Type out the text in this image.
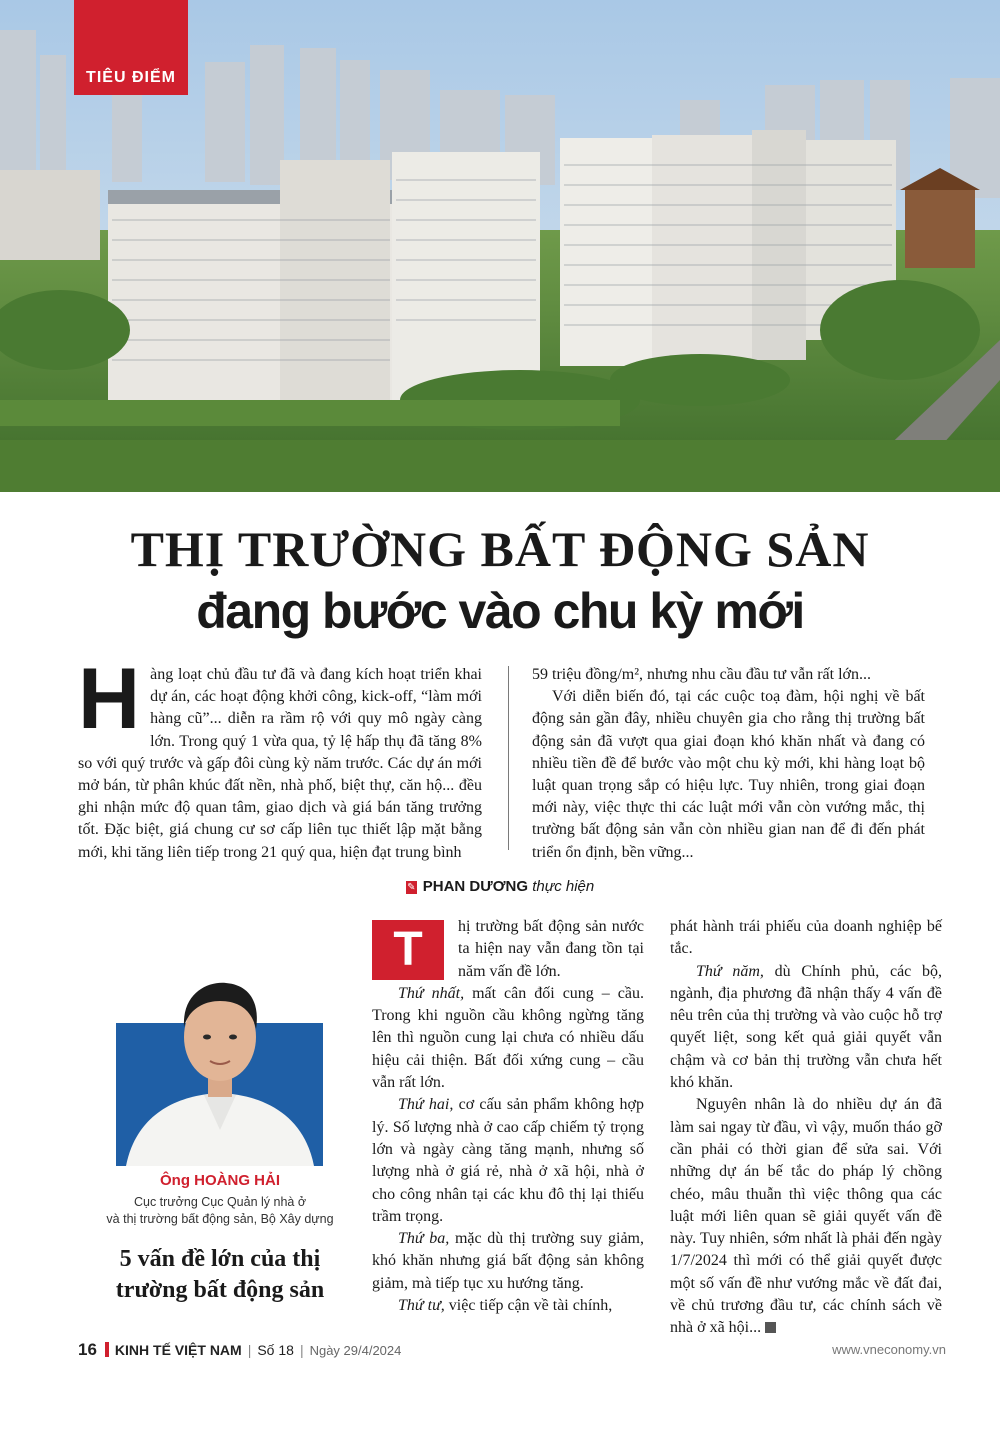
TIÊU ĐIỂM
THỊ TRƯỜNG BẤT ĐỘNG SẢN
đang bước vào chu kỳ mới
H àng loạt chủ đầu tư đã và đang kích hoạt triển khai dự án, các hoạt động khởi công, kick-off, “làm mới hàng cũ”... diễn ra rầm rộ với quy mô ngày càng lớn. Trong quý 1 vừa qua, tỷ lệ hấp thụ đã tăng 8% so với quý trước và gấp đôi cùng kỳ năm trước. Các dự án mới mở bán, từ phân khúc đất nền, nhà phố, biệt thự, căn hộ... đều ghi nhận mức độ quan tâm, giao dịch và giá bán tăng trưởng tốt. Đặc biệt, giá chung cư sơ cấp liên tục thiết lập mặt bằng mới, khi tăng liên tiếp trong 21 quý qua, hiện đạt trung bình

59 triệu đồng/m², nhưng nhu cầu đầu tư vẫn rất lớn...

Với diễn biến đó, tại các cuộc toạ đàm, hội nghị về bất động sản gần đây, nhiều chuyên gia cho rằng thị trường bất động sản đã vượt qua giai đoạn khó khăn nhất và đang có nhiều tiền đề để bước vào một chu kỳ mới, khi hàng loạt bộ luật quan trọng sắp có hiệu lực. Tuy nhiên, trong giai đoạn mới này, việc thực thi các luật mới vẫn còn vướng mắc, thị trường bất động sản vẫn còn nhiều gian nan để đi đến phát triển ổn định, bền vững...

✎ PHAN DƯƠNG thực hiện
Ông HOÀNG HẢI
Cục trưởng Cục Quản lý nhà ở
và thị trường bất động sản, Bộ Xây dựng
5 vấn đề lớn của thị trường bất động sản

T	hị trường bất động sản nước ta hiện nay vẫn đang tồn tại năm vấn đề lớn.

Thứ nhất, mất cân đối cung – cầu. Trong khi nguồn cầu không ngừng tăng lên thì nguồn cung lại chưa có nhiều dấu hiệu cải thiện. Bất đối xứng cung – cầu vẫn rất lớn.

Thứ hai, cơ cấu sản phẩm không hợp lý. Số lượng nhà ở cao cấp chiếm tỷ trọng lớn và ngày càng tăng mạnh, nhưng số lượng nhà ở giá rẻ, nhà ở xã hội, nhà ở cho công nhân tại các khu đô thị lại thiếu trầm trọng.

Thứ ba, mặc dù thị trường suy giảm, khó khăn nhưng giá bất động sản không giảm, mà tiếp tục xu hướng tăng.

Thứ tư, việc tiếp cận về tài chính,

phát hành trái phiếu của doanh nghiệp bế tắc.

Thứ năm, dù Chính phủ, các bộ, ngành, địa phương đã nhận thấy 4 vấn đề nêu trên của thị trường và vào cuộc hỗ trợ quyết liệt, song kết quả giải quyết vẫn chậm và cơ bản thị trường vẫn chưa hết khó khăn.

Nguyên nhân là do nhiều dự án đã làm sai ngay từ đầu, vì vậy, muốn tháo gỡ cần phải có thời gian để sửa sai. Với những dự án bế tắc do pháp lý chồng chéo, mâu thuẫn thì việc thông qua các luật mới liên quan sẽ giải quyết vấn đề này. Tuy nhiên, sớm nhất là phải đến ngày 1/7/2024 thì mới có thể giải quyết được một số vấn đề như vướng mắc về đất đai, về chủ trương đầu tư, các chính sách về nhà ở xã hội...

16 KINH TẾ VIỆT NAM | Số 18 | Ngày 29/4/2024	www.vneconomy.vn
